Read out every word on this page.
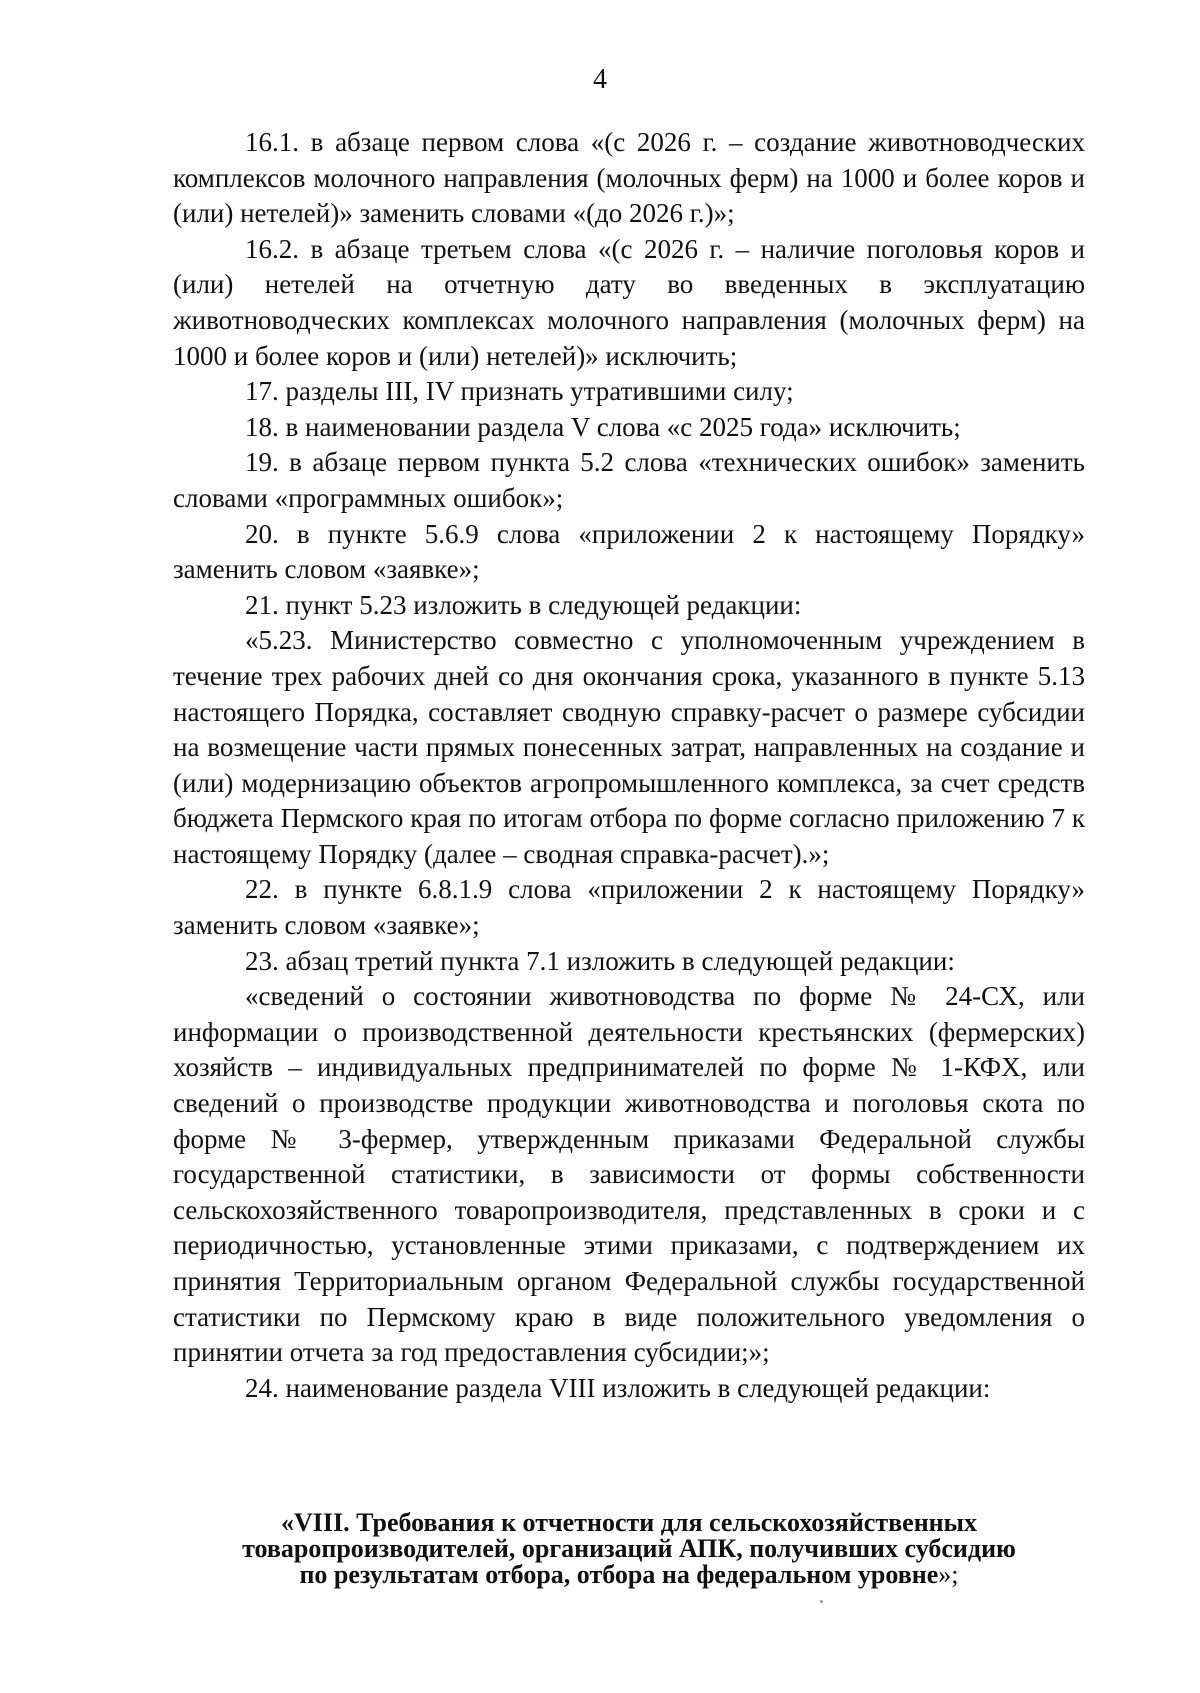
4

16.1. в абзаце первом слова «(с 2026 г. – создание животноводческих комплексов молочного направления (молочных ферм) на 1000 и более коров и (или) нетелей)» заменить словами «(до 2026 г.)»;

16.2. в абзаце третьем слова «(с 2026 г. – наличие поголовья коров и (или) нетелей на отчетную дату во введенных в эксплуатацию животноводческих комплексах молочного направления (молочных ферм) на 1000 и более коров и (или) нетелей)» исключить;

17. разделы III, IV признать утратившими силу;

18. в наименовании раздела V слова «с 2025 года» исключить;

19. в абзаце первом пункта 5.2 слова «технических ошибок» заменить словами «программных ошибок»;

20. в пункте 5.6.9 слова «приложении 2 к настоящему Порядку» заменить словом «заявке»;

21. пункт 5.23 изложить в следующей редакции:

«5.23. Министерство совместно с уполномоченным учреждением в течение трех рабочих дней со дня окончания срока, указанного в пункте 5.13 настоящего Порядка, составляет сводную справку-расчет о размере субсидии на возмещение части прямых понесенных затрат, направленных на создание и (или) модернизацию объектов агропромышленного комплекса, за счет средств бюджета Пермского края по итогам отбора по форме согласно приложению 7 к настоящему Порядку (далее – сводная справка-расчет).»;

22. в пункте 6.8.1.9 слова «приложении 2 к настоящему Порядку» заменить словом «заявке»;

23. абзац третий пункта 7.1 изложить в следующей редакции:

«сведений о состоянии животноводства по форме № 24-СХ, или информации о производственной деятельности крестьянских (фермерских) хозяйств – индивидуальных предпринимателей по форме № 1-КФХ, или сведений о производстве продукции животноводства и поголовья скота по форме № 3-фермер, утвержденным приказами Федеральной службы государственной статистики, в зависимости от формы собственности сельскохозяйственного товаропроизводителя, представленных в сроки и с периодичностью, установленные этими приказами, с подтверждением их принятия Территориальным органом Федеральной службы государственной статистики по Пермскому краю в виде положительного уведомления о принятии отчета за год предоставления субсидии;»;

24. наименование раздела VIII изложить в следующей редакции:

«VIII. Требования к отчетности для сельскохозяйственных
товаропроизводителей, организаций АПК, получивших субсидию
по результатам отбора, отбора на федеральном уровне»;
